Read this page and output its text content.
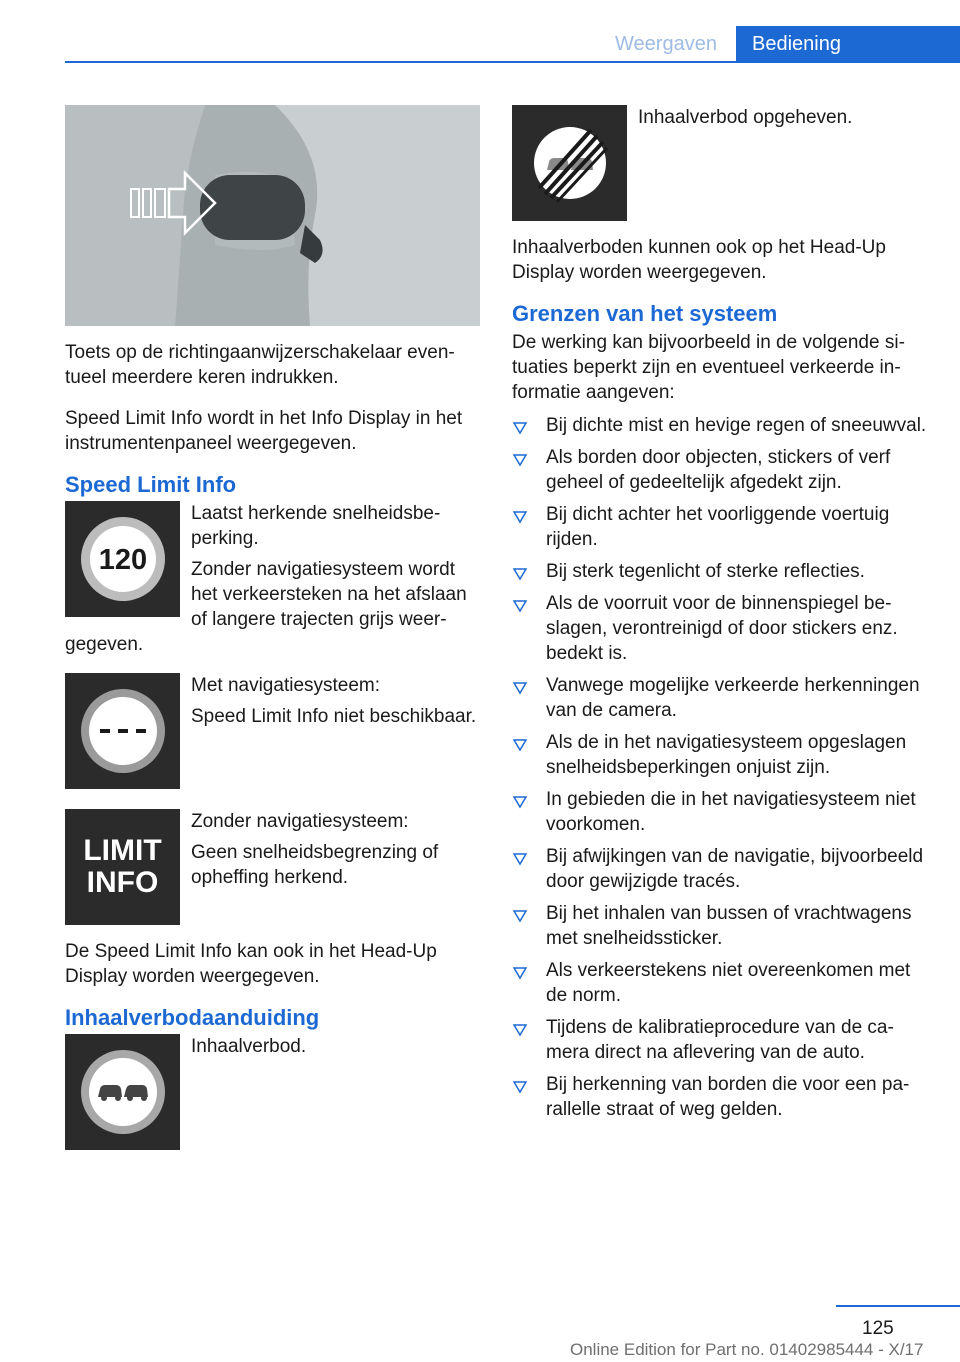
Weergaven	Bediening

Toets op de richtingaanwijzerschakelaar eventueel meerdere keren indrukken.

Speed Limit Info wordt in het Info Display in het instrumentenpaneel weergegeven.

Speed Limit Info
120

Laatst herkende snelheidsbeperking.

Zonder navigatiesysteem wordt het verkeersteken na het afslaan of langere trajecten grijs weergegeven.

Met navigatiesysteem:

Speed Limit Info niet beschikbaar.

LIMIT
INFO

Zonder navigatiesysteem:

Geen snelheidsbegrenzing of opheffing herkend.

De Speed Limit Info kan ook in het Head-Up Display worden weergegeven.

Inhaalverbodaanduiding

Inhaalverbod.

Inhaalverbod opgeheven.

Inhaalverboden kunnen ook op het Head-Up Display worden weergegeven.

Grenzen van het systeem

De werking kan bijvoorbeeld in de volgende situaties beperkt zijn en eventueel verkeerde informatie aangeven:

Bij dichte mist en hevige regen of sneeuwval.
Als borden door objecten, stickers of verf geheel of gedeeltelijk afgedekt zijn.
Bij dicht achter het voorliggende voertuig rijden.
Bij sterk tegenlicht of sterke reflecties.
Als de voorruit voor de binnenspiegel beslagen, verontreinigd of door stickers enz. bedekt is.
Vanwege mogelijke verkeerde herkenningen van de camera.
Als de in het navigatiesysteem opgeslagen snelheidsbeperkingen onjuist zijn.
In gebieden die in het navigatiesysteem niet voorkomen.
Bij afwijkingen van de navigatie, bijvoorbeeld door gewijzigde tracés.
Bij het inhalen van bussen of vrachtwagens met snelheidssticker.
Als verkeerstekens niet overeenkomen met de norm.
Tijdens de kalibratieprocedure van de camera direct na aflevering van de auto.
Bij herkenning van borden die voor een parallelle straat of weg gelden.
125
Online Edition for Part no. 01402985444 - X/17
